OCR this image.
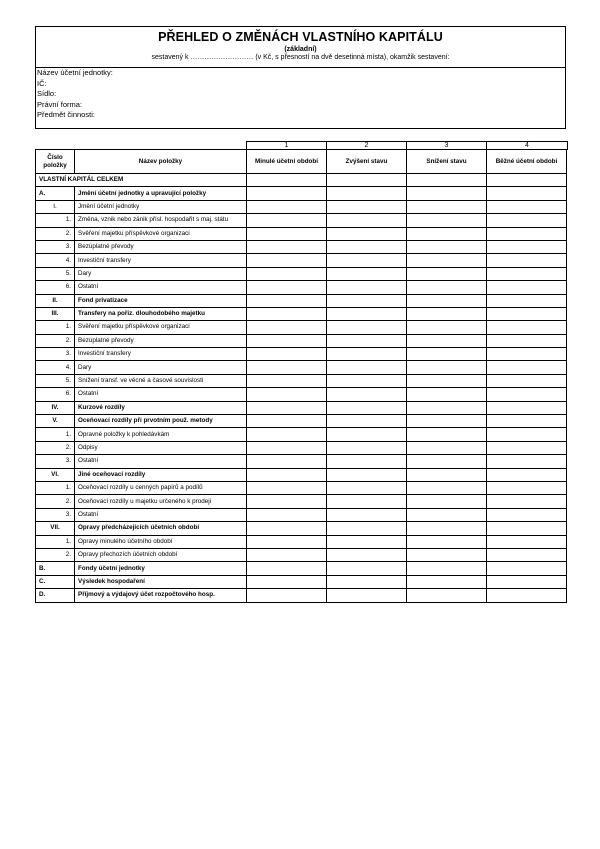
PŘEHLED O ZMĚNÁCH VLASTNÍHO KAPITÁLU
(základní)
sestavený k ……………………… (v Kč, s přesností na dvě desetinná místa), okamžik sestavení:
Název účetní jednotky:
IČ:
Sídlo:
Právní forma:
Předmět činnosti:
1	2	3	4
Číslo položky	Název položky	Minulé účetní období	Zvýšení stavu	Snížení stavu	Běžné účetní období
VLASTNÍ KAPITÁL CELKEM					
A.	Jmění účetní jednotky a upravující položky				
I.	Jmění účetní jednotky				
1.	Změna, vznik nebo zánik přísl. hospodařit s maj. státu				
2.	Svěření majetku příspěvkové organizaci				
3.	Bezúplatné převody				
4.	Investiční transfery				
5.	Dary				
6.	Ostatní				
II.	Fond privatizace				
III.	Transfery na pořiz. dlouhodobého majetku				
1.	Svěření majetku příspěvkové organizaci				
2.	Bezúplatné převody				
3.	Investiční transfery				
4.	Dary				
5.	Snížení transf. ve věcné a časové souvislosti				
6.	Ostatní				
IV.	Kurzové rozdíly				
V.	Oceňovací rozdíly při prvotním použ. metody				
1.	Opravné položky k pohledávkám				
2.	Odpisy				
3.	Ostatní				
VI.	Jiné oceňovací rozdíly				
1.	Oceňovací rozdíly u cenných papírů a podílů				
2.	Oceňovací rozdíly u majetku určeného k prodeji				
3.	Ostatní				
VII.	Opravy předcházejících účetních období				
1.	Opravy minulého účetního období				
2.	Opravy přechozích účetních období				
B.	Fondy účetní jednotky				
C.	Výsledek hospodaření				
D.	Příjmový a výdajový účet rozpočtového hosp.				
